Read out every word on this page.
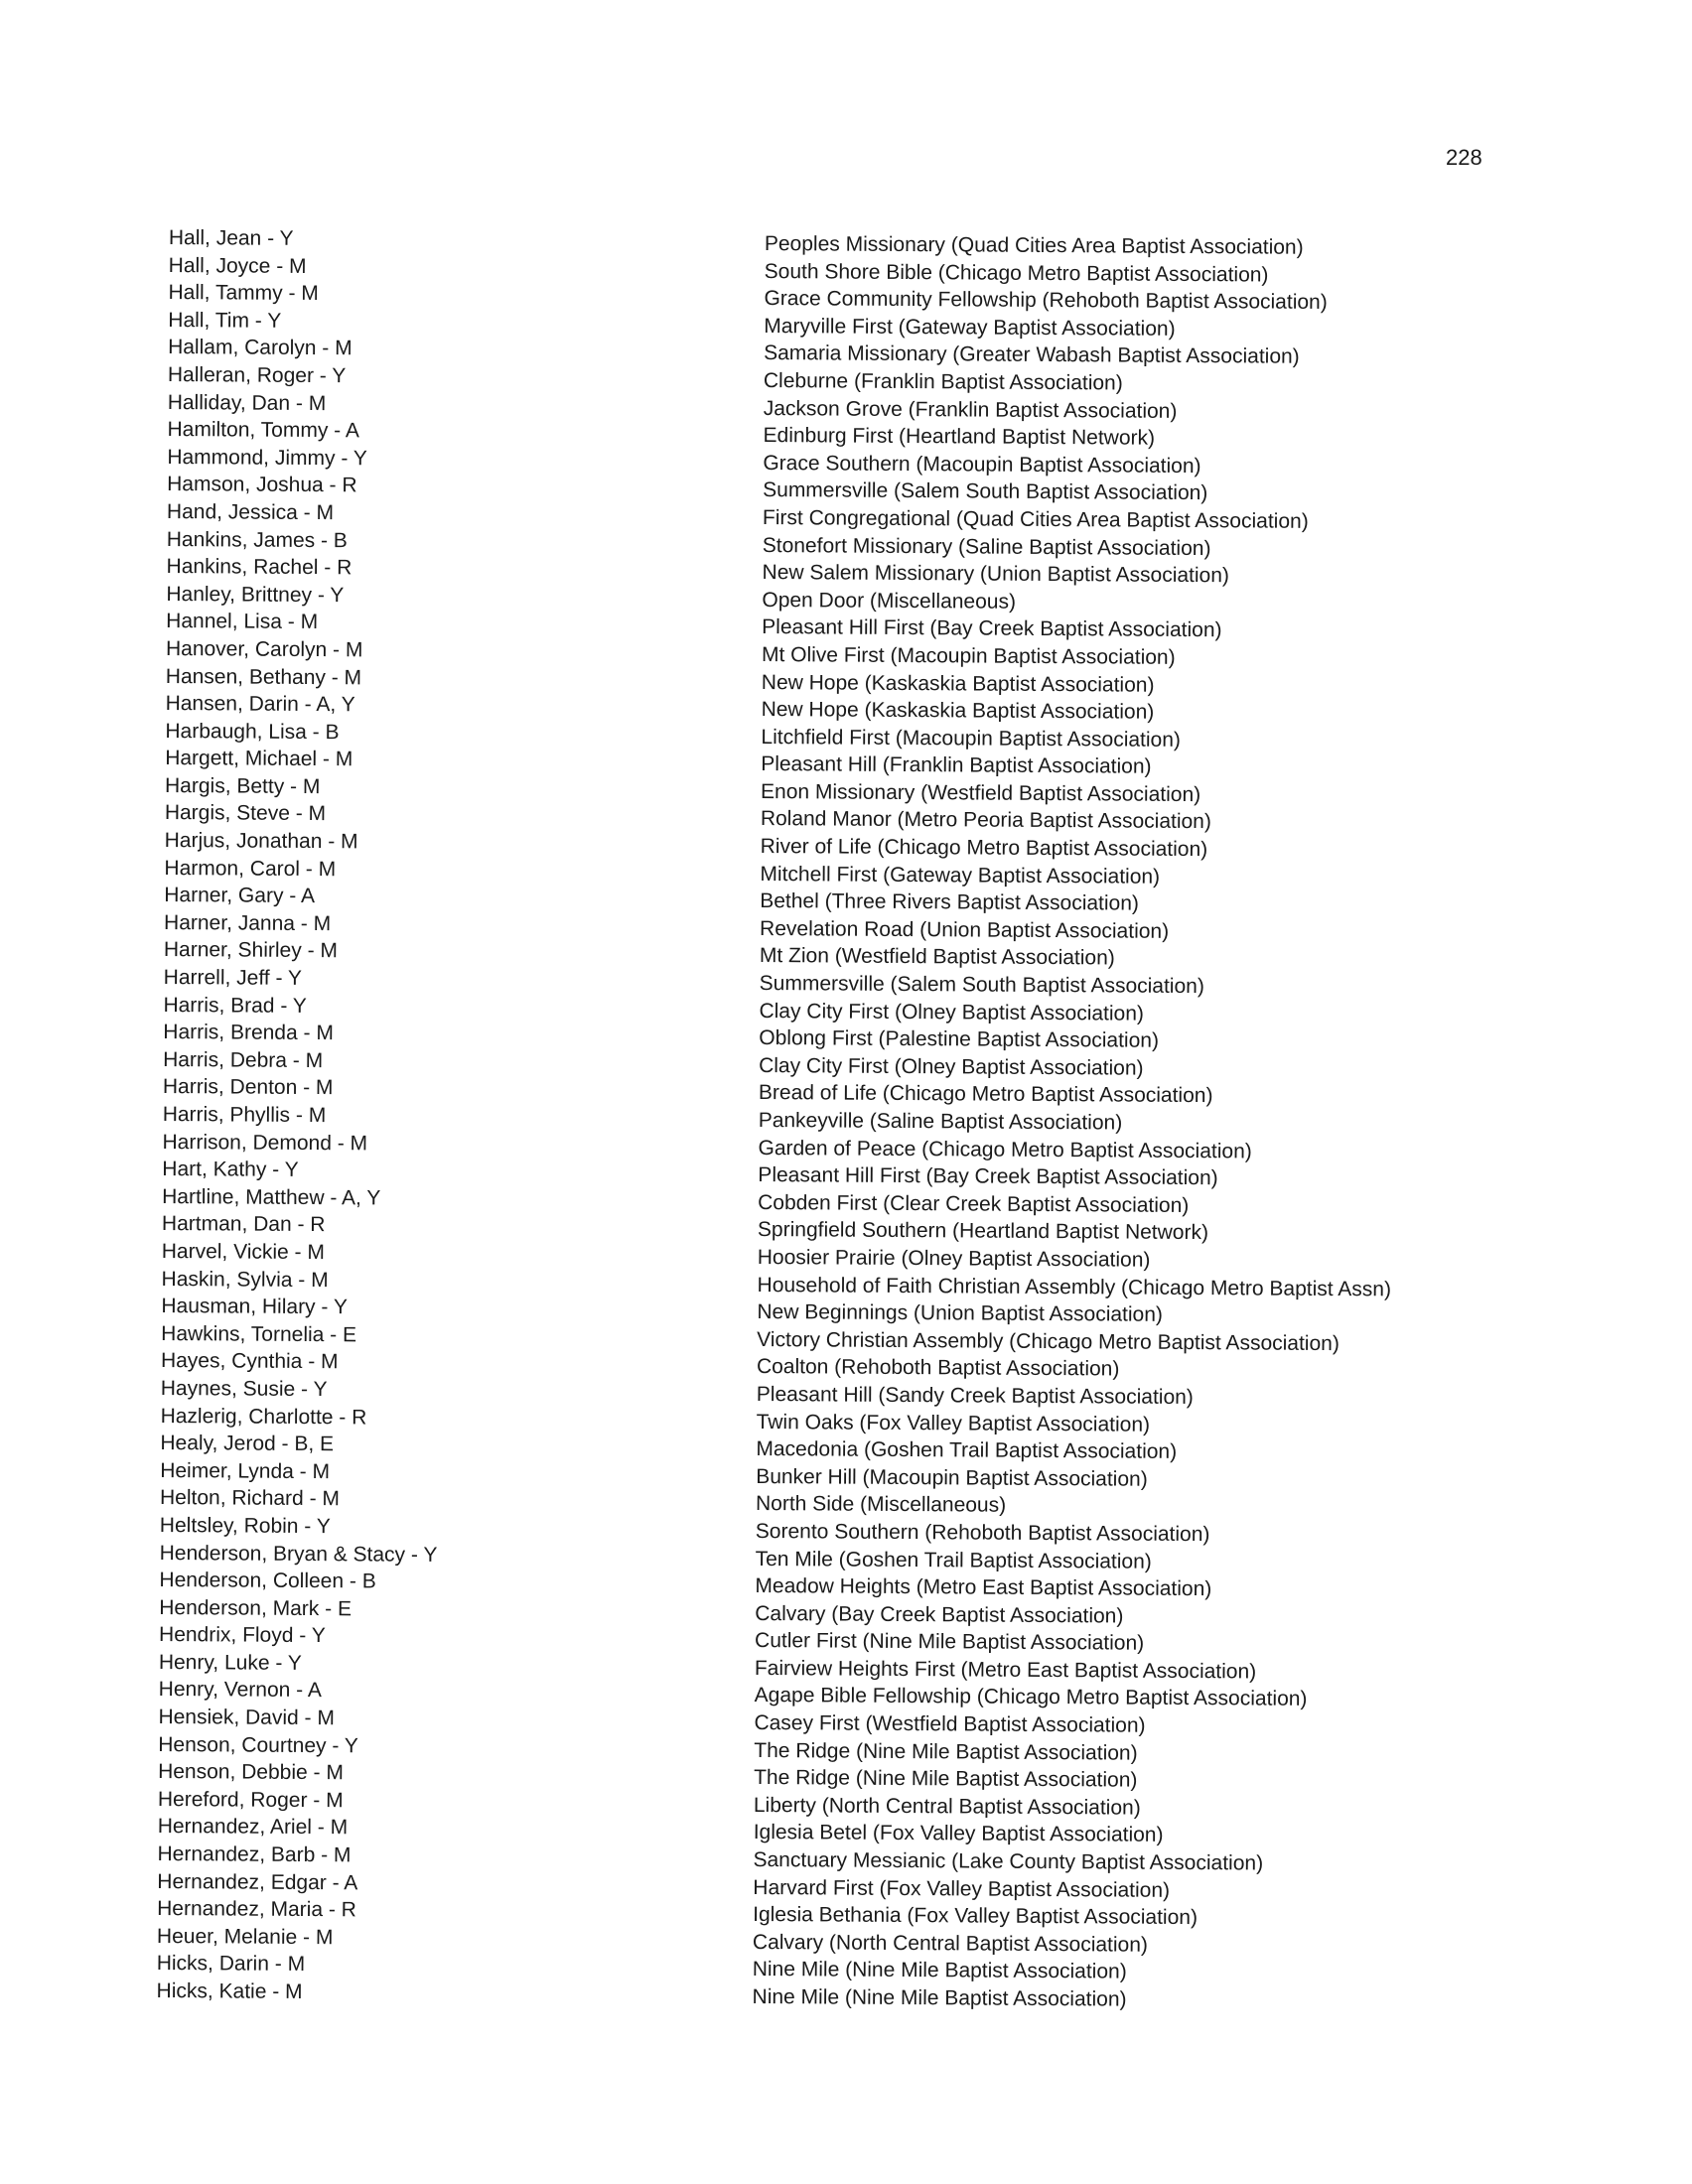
228
Hall, Jean - Y
Hall, Joyce - M
Hall, Tammy - M
Hall, Tim - Y
Hallam, Carolyn - M
Halleran, Roger - Y
Halliday, Dan - M
Hamilton, Tommy - A
Hammond, Jimmy - Y
Hamson, Joshua - R
Hand, Jessica - M
Hankins, James - B
Hankins, Rachel - R
Hanley, Brittney - Y
Hannel, Lisa - M
Hanover, Carolyn - M
Hansen, Bethany - M
Hansen, Darin - A, Y
Harbaugh, Lisa - B
Hargett, Michael - M
Hargis, Betty - M
Hargis, Steve - M
Harjus, Jonathan - M
Harmon, Carol - M
Harner, Gary - A
Harner, Janna - M
Harner, Shirley - M
Harrell, Jeff - Y
Harris, Brad - Y
Harris, Brenda - M
Harris, Debra - M
Harris, Denton - M
Harris, Phyllis - M
Harrison, Demond - M
Hart, Kathy - Y
Hartline, Matthew - A, Y
Hartman, Dan - R
Harvel, Vickie - M
Haskin, Sylvia - M
Hausman, Hilary - Y
Hawkins, Tornelia - E
Hayes, Cynthia - M
Haynes, Susie - Y
Hazlerig, Charlotte - R
Healy, Jerod - B, E
Heimer, Lynda - M
Helton, Richard - M
Heltsley, Robin - Y
Henderson, Bryan & Stacy - Y
Henderson, Colleen - B
Henderson, Mark - E
Hendrix, Floyd - Y
Henry, Luke - Y
Henry, Vernon - A
Hensiek, David - M
Henson, Courtney - Y
Henson, Debbie - M
Hereford, Roger - M
Hernandez, Ariel - M
Hernandez, Barb - M
Hernandez, Edgar - A
Hernandez, Maria - R
Heuer, Melanie - M
Hicks, Darin - M
Hicks, Katie - M
Peoples Missionary (Quad Cities Area Baptist Association)
South Shore Bible (Chicago Metro Baptist Association)
Grace Community Fellowship (Rehoboth Baptist Association)
Maryville First (Gateway Baptist Association)
Samaria Missionary (Greater Wabash Baptist Association)
Cleburne (Franklin Baptist Association)
Jackson Grove (Franklin Baptist Association)
Edinburg First (Heartland Baptist Network)
Grace Southern (Macoupin Baptist Association)
Summersville (Salem South Baptist Association)
First Congregational (Quad Cities Area Baptist Association)
Stonefort Missionary (Saline Baptist Association)
New Salem Missionary (Union Baptist Association)
Open Door (Miscellaneous)
Pleasant Hill First (Bay Creek Baptist Association)
Mt Olive First (Macoupin Baptist Association)
New Hope (Kaskaskia Baptist Association)
New Hope (Kaskaskia Baptist Association)
Litchfield First (Macoupin Baptist Association)
Pleasant Hill (Franklin Baptist Association)
Enon Missionary (Westfield Baptist Association)
Roland Manor (Metro Peoria Baptist Association)
River of Life (Chicago Metro Baptist Association)
Mitchell First (Gateway Baptist Association)
Bethel (Three Rivers Baptist Association)
Revelation Road (Union Baptist Association)
Mt Zion (Westfield Baptist Association)
Summersville (Salem South Baptist Association)
Clay City First (Olney Baptist Association)
Oblong First (Palestine Baptist Association)
Clay City First (Olney Baptist Association)
Bread of Life (Chicago Metro Baptist Association)
Pankeyville (Saline Baptist Association)
Garden of Peace (Chicago Metro Baptist Association)
Pleasant Hill First (Bay Creek Baptist Association)
Cobden First (Clear Creek Baptist Association)
Springfield Southern (Heartland Baptist Network)
Hoosier Prairie (Olney Baptist Association)
Household of Faith Christian Assembly (Chicago Metro Baptist Assn)
New Beginnings (Union Baptist Association)
Victory Christian Assembly (Chicago Metro Baptist Association)
Coalton (Rehoboth Baptist Association)
Pleasant Hill (Sandy Creek Baptist Association)
Twin Oaks (Fox Valley Baptist Association)
Macedonia (Goshen Trail Baptist Association)
Bunker Hill (Macoupin Baptist Association)
North Side (Miscellaneous)
Sorento Southern (Rehoboth Baptist Association)
Ten Mile (Goshen Trail Baptist Association)
Meadow Heights (Metro East Baptist Association)
Calvary (Bay Creek Baptist Association)
Cutler First (Nine Mile Baptist Association)
Fairview Heights First (Metro East Baptist Association)
Agape Bible Fellowship (Chicago Metro Baptist Association)
Casey First (Westfield Baptist Association)
The Ridge (Nine Mile Baptist Association)
The Ridge (Nine Mile Baptist Association)
Liberty (North Central Baptist Association)
Iglesia Betel (Fox Valley Baptist Association)
Sanctuary Messianic (Lake County Baptist Association)
Harvard First (Fox Valley Baptist Association)
Iglesia Bethania (Fox Valley Baptist Association)
Calvary (North Central Baptist Association)
Nine Mile (Nine Mile Baptist Association)
Nine Mile (Nine Mile Baptist Association)
